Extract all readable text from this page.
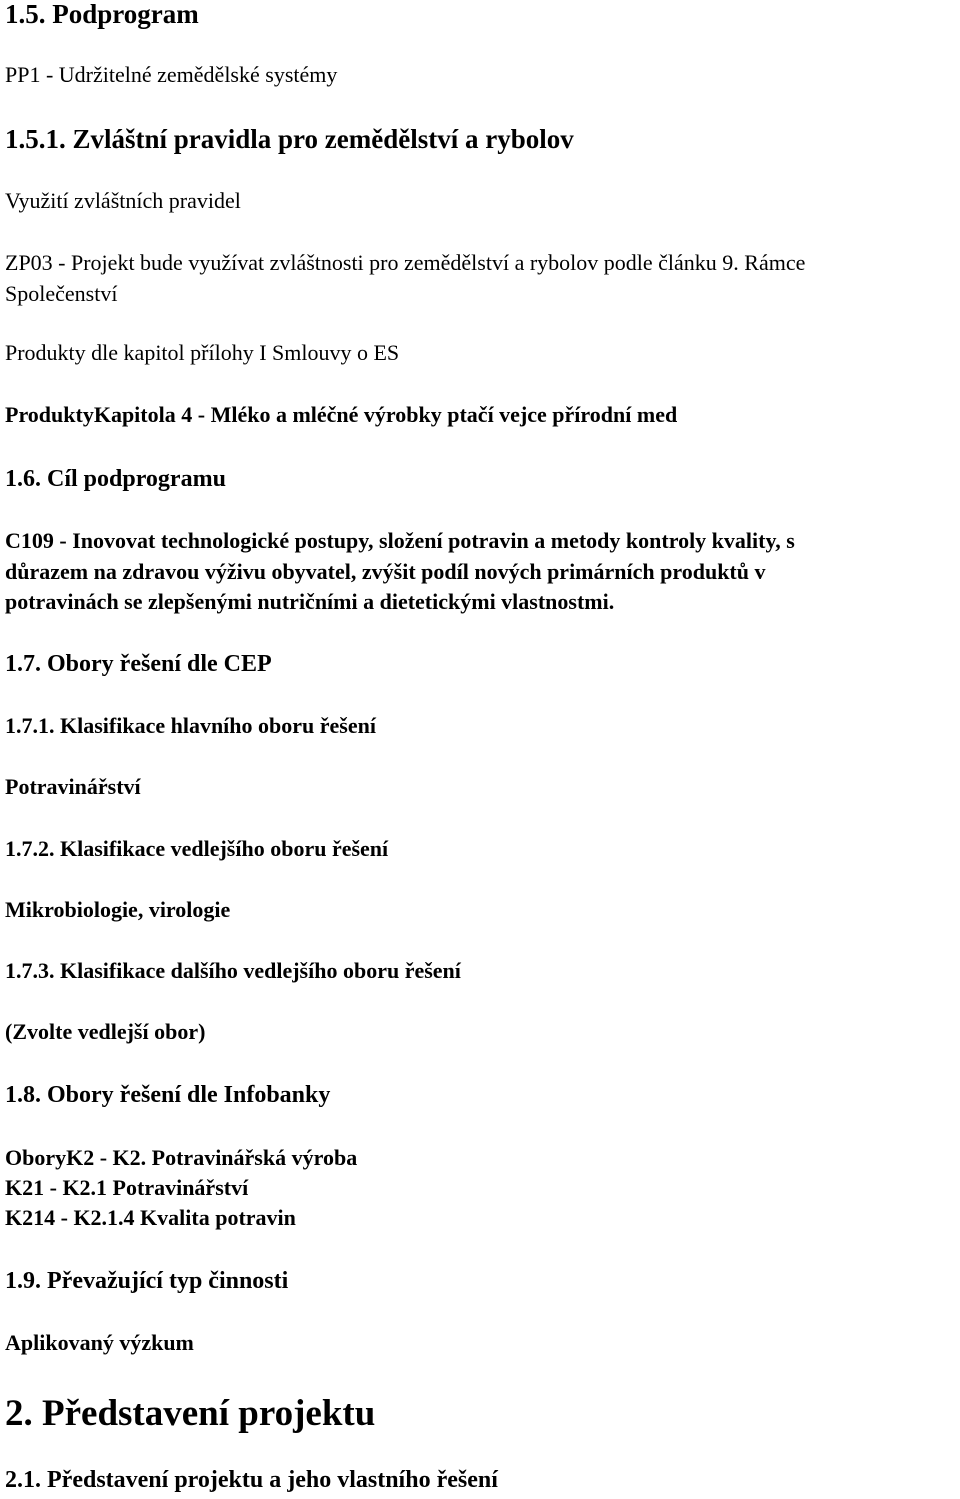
1.5. Podprogram
PP1 - Udržitelné zemědělské systémy
1.5.1. Zvláštní pravidla pro zemědělství a rybolov
Využití zvláštních pravidel
ZP03 - Projekt bude využívat zvláštnosti pro zemědělství a rybolov podle článku 9. Rámce
Společenství
Produkty dle kapitol přílohy I Smlouvy o ES
ProduktyKapitola 4 - Mléko a mléčné výrobky ptačí vejce přírodní med
1.6. Cíl podprogramu
C109 - Inovovat technologické postupy, složení potravin a metody kontroly kvality, s
důrazem na zdravou výživu obyvatel, zvýšit podíl nových primárních produktů v
potravinách se zlepšenými nutričními a dietetickými vlastnostmi.
1.7. Obory řešení dle CEP
1.7.1. Klasifikace hlavního oboru řešení
Potravinářství
1.7.2. Klasifikace vedlejšího oboru řešení
Mikrobiologie, virologie
1.7.3. Klasifikace dalšího vedlejšího oboru řešení
(Zvolte vedlejší obor)
1.8. Obory řešení dle Infobanky
OboryK2 - K2. Potravinářská výroba
K21 - K2.1 Potravinářství
K214 - K2.1.4 Kvalita potravin
1.9. Převažující typ činnosti
Aplikovaný výzkum
2. Představení projektu
2.1. Představení projektu a jeho vlastního řešení
